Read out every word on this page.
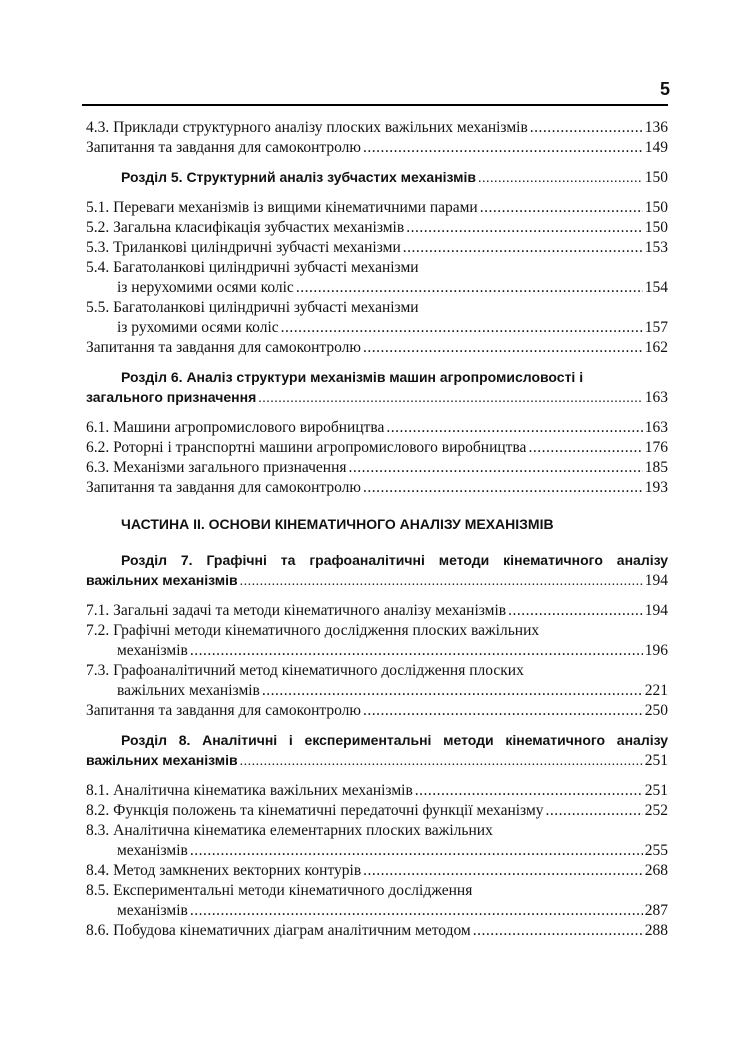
5
4.3. Приклади структурного аналізу плоских важільних механізмів .....	136
Запитання та завдання для самоконтролю .....	149
Розділ 5. Структурний аналіз зубчастих механізмів .....	150
5.1. Переваги механізмів із вищими кінематичними парами .....	150
5.2. Загальна класифікація зубчастих механізмів .....	150
5.3. Триланкові циліндричні зубчасті механізми .....	153
5.4. Багатоланкові циліндричні зубчасті механізми
із нерухомими осями коліс .....	154
5.5. Багатоланкові циліндричні зубчасті механізми
із рухомими осями коліс .....	157
Запитання та завдання для самоконтролю .....	162
Розділ 6. Аналіз структури механізмів машин агропромисловості і
загального призначення .....	163
6.1. Машини агропромислового виробництва .....	163
6.2. Роторні і транспортні машини агропромислового виробництва .....	176
6.3. Механізми загального призначення .....	185
Запитання та завдання для самоконтролю .....	193
ЧАСТИНА ІІ. ОСНОВИ КІНЕМАТИЧНОГО АНАЛІЗУ МЕХАНІЗМІВ
Розділ 7. Графічні та графоаналітичні методи кінематичного аналізу
важільних механізмів .....	194
7.1. Загальні задачі та методи кінематичного аналізу механізмів .....	194
7.2. Графічні методи кінематичного дослідження плоских важільних
механізмів .....	196
7.3. Графоаналітичний метод кінематичного дослідження плоских
важільних механізмів .....	221
Запитання та завдання для самоконтролю .....	250
Розділ 8. Аналітичні і експериментальні методи кінематичного аналізу
важільних механізмів .....	251
8.1. Аналітична кінематика важільних механізмів .....	251
8.2. Функція положень та кінематичні передаточні функції механізму .....	252
8.3. Аналітична кінематика елементарних плоских важільних
механізмів .....	255
8.4. Метод замкнених векторних контурів .....	268
8.5. Експериментальні методи кінематичного дослідження
механізмів .....	287
8.6. Побудова кінематичних діаграм аналітичним методом .....	288
